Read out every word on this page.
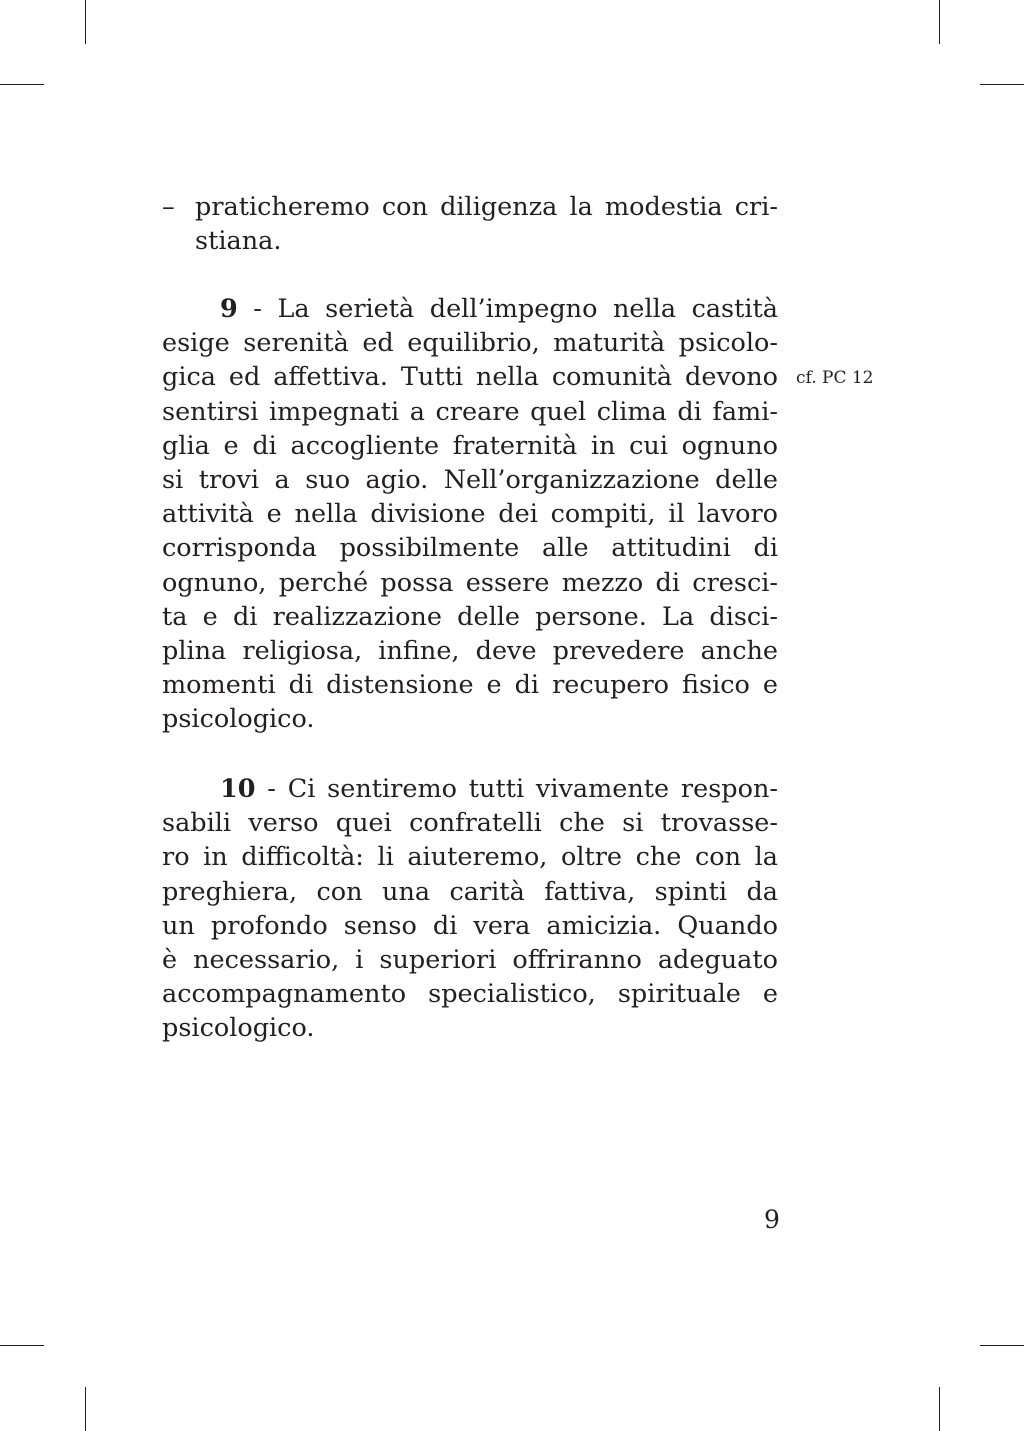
– praticheremo con diligenza la modestia cri-
stiana.
9 - La serietà dell’impegno nella castità
esige serenità ed equilibrio, maturità psicolo-
gica ed affettiva. Tutti nella comunità devono
sentirsi impegnati a creare quel clima di fami-
glia e di accogliente fraternità in cui ognuno
si trovi a suo agio. Nell’organizzazione delle
attività e nella divisione dei compiti, il lavoro
corrisponda possibilmente alle attitudini di
ognuno, perché possa essere mezzo di cresci-
ta e di realizzazione delle persone. La disci-
plina religiosa, infine, deve prevedere anche
momenti di distensione e di recupero fisico e
psicologico.
cf. PC 12
10 - Ci sentiremo tutti vivamente respon-
sabili verso quei confratelli che si trovasse-
ro in difficoltà: li aiuteremo, oltre che con la
preghiera, con una carità fattiva, spinti da
un profondo senso di vera amicizia. Quando
è necessario, i superiori offriranno adeguato
accompagnamento specialistico, spirituale e
psicologico.
9
